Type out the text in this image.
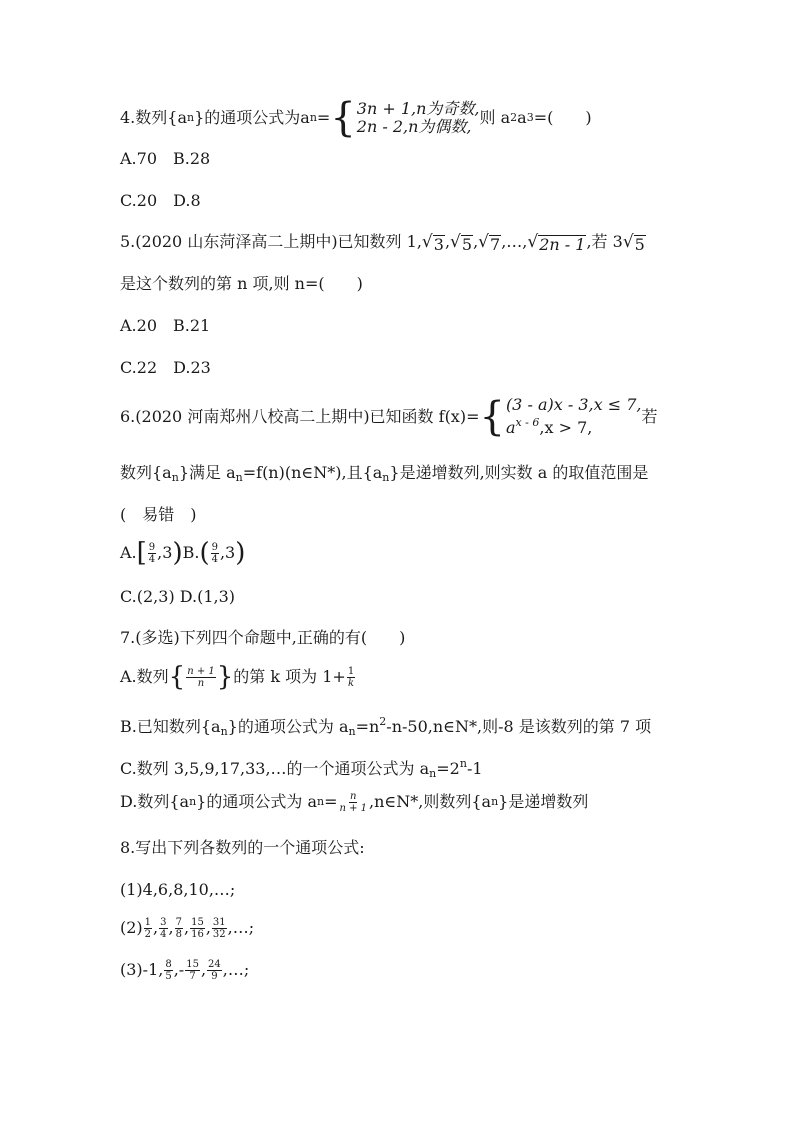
4.数列{a n }的通项公式为a n = { 3n + 1,n为奇数,
2n - 2,n为偶数, 则 a 2 a 3 =(　　)
A.70　B.28
C.20　D.8
5.(2020 山东菏泽高二上期中)已知数列 1, √ 3 , √ 5 , √ 7 ,…, √ 2n - 1 ,若 3 √ 5
是这个数列的第 n 项,则 n=(　　)
A.20　B.21
C.22　D.23
6.(2020 河南郑州八校高二上期中)已知函数 f(x)= { (3 - a)x - 3,x ≤ 7,
$a^{x - 6},x > 7$,
若
数列$\{a_n\}$满足 $a_n=f(n)(n\in N*)$,且$\{a_n\}$是递增数列,则实数 a 的取值范围是
(　易错　)
A. [ $\frac{9}{4} ,3$ ) B. ( $\frac{9}{4} ,3$ )
C.(2,3) D.(1,3)
7.(多选)下列四个命题中,正确的有(　　)
A.数列 { $\frac{n + 1}{n}$ } 的第 k 项为 $1+ \frac{1}{k}$
B.已知数列$\{a_n\}$的通项公式为 $a_n=n^2-n-50,n\in N*$,则-8 是该数列的第 7 项
C.数列 3,5,9,17,33,…的一个通项公式为 $a_n=2^n-1$
D.数列{a n }的通项公式为 a $n = \frac{n}{n + 1}$ ,n∈N*,则数列{a n }是递增数列
8.写出下列各数列的一个通项公式:
(1)4,6,8,10,…;
$(2) \frac{1}{2}$ , $\frac{3}{4}$ , $\frac{7}{8}$ , $\frac{15}{16}$ , $\frac{31}{32}$ ,…;
(3)-1, $\frac{8}{5}$ ,- $\frac{15}{7}$ , $\frac{24}{9}$ ,…;
